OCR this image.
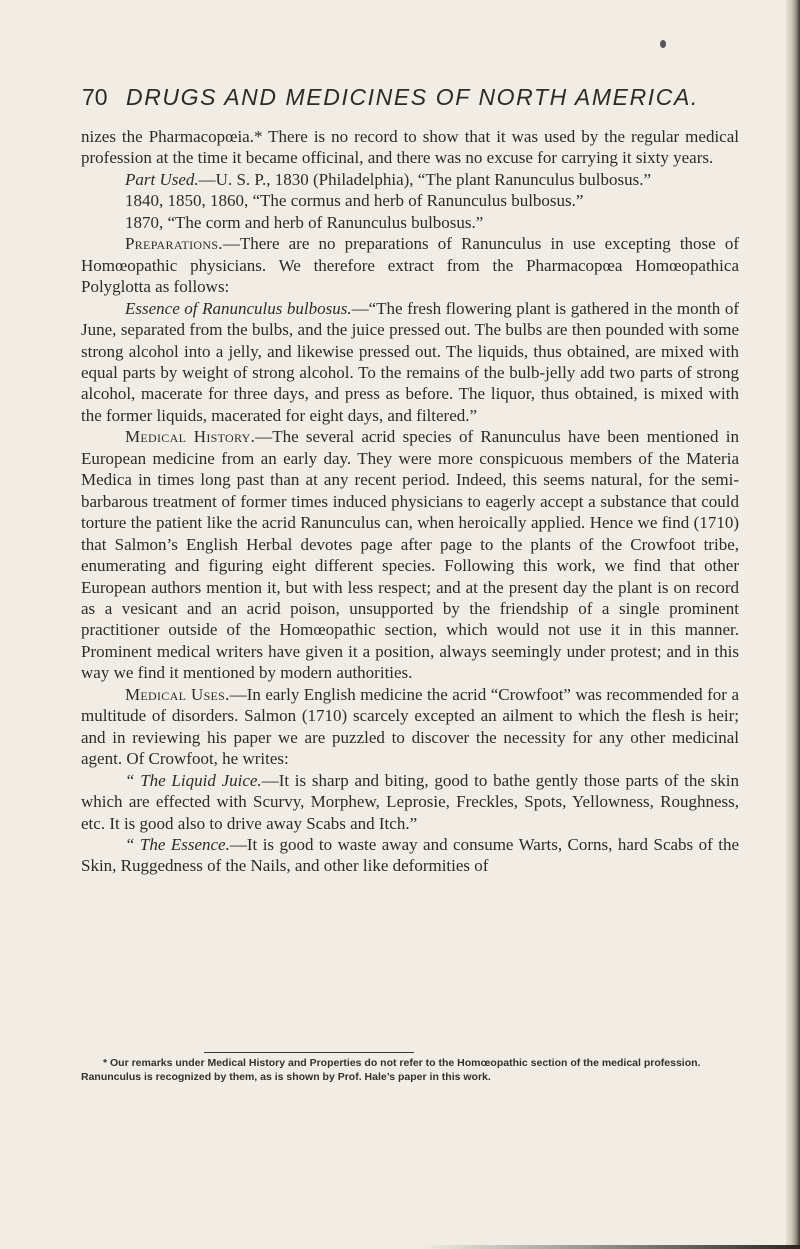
70 DRUGS AND MEDICINES OF NORTH AMERICA.

nizes the Pharmacopœia.* There is no record to show that it was used by the regular medical profession at the time it became officinal, and there was no excuse for carrying it sixty years.

Part Used.—U. S. P., 1830 (Philadelphia), “The plant Ranunculus bulbosus.”

1840, 1850, 1860, “The cormus and herb of Ranunculus bulbosus.”

1870, “The corm and herb of Ranunculus bulbosus.”

Preparations.—There are no preparations of Ranunculus in use excepting those of Homœopathic physicians. We therefore extract from the Pharmacopœa Homœopathica Polyglotta as follows:

Essence of Ranunculus bulbosus.—“The fresh flowering plant is gathered in the month of June, separated from the bulbs, and the juice pressed out. The bulbs are then pounded with some strong alcohol into a jelly, and likewise pressed out. The liquids, thus obtained, are mixed with equal parts by weight of strong alcohol. To the remains of the bulb-jelly add two parts of strong alcohol, macerate for three days, and press as before. The liquor, thus obtained, is mixed with the former liquids, macerated for eight days, and filtered.”

Medical History.—The several acrid species of Ranunculus have been mentioned in European medicine from an early day. They were more conspicuous members of the Materia Medica in times long past than at any recent period. Indeed, this seems natural, for the semi-barbarous treatment of former times induced physicians to eagerly accept a substance that could torture the patient like the acrid Ranunculus can, when heroically applied. Hence we find (1710) that Salmon’s English Herbal devotes page after page to the plants of the Crowfoot tribe, enumerating and figuring eight different species. Following this work, we find that other European authors mention it, but with less respect; and at the present day the plant is on record as a vesicant and an acrid poison, unsupported by the friendship of a single prominent practitioner outside of the Homœopathic section, which would not use it in this manner. Prominent medical writers have given it a position, always seemingly under protest; and in this way we find it mentioned by modern authorities.

Medical Uses.—In early English medicine the acrid “Crowfoot” was recommended for a multitude of disorders. Salmon (1710) scarcely excepted an ailment to which the flesh is heir; and in reviewing his paper we are puzzled to discover the necessity for any other medicinal agent. Of Crowfoot, he writes:

“ The Liquid Juice.—It is sharp and biting, good to bathe gently those parts of the skin which are effected with Scurvy, Morphew, Leprosie, Freckles, Spots, Yellowness, Roughness, etc. It is good also to drive away Scabs and Itch.”

“ The Essence.—It is good to waste away and consume Warts, Corns, hard Scabs of the Skin, Ruggedness of the Nails, and other like deformities of

* Our remarks under Medical History and Properties do not refer to the Homœopathic section of the medical profession. Ranunculus is recognized by them, as is shown by Prof. Hale’s paper in this work.
